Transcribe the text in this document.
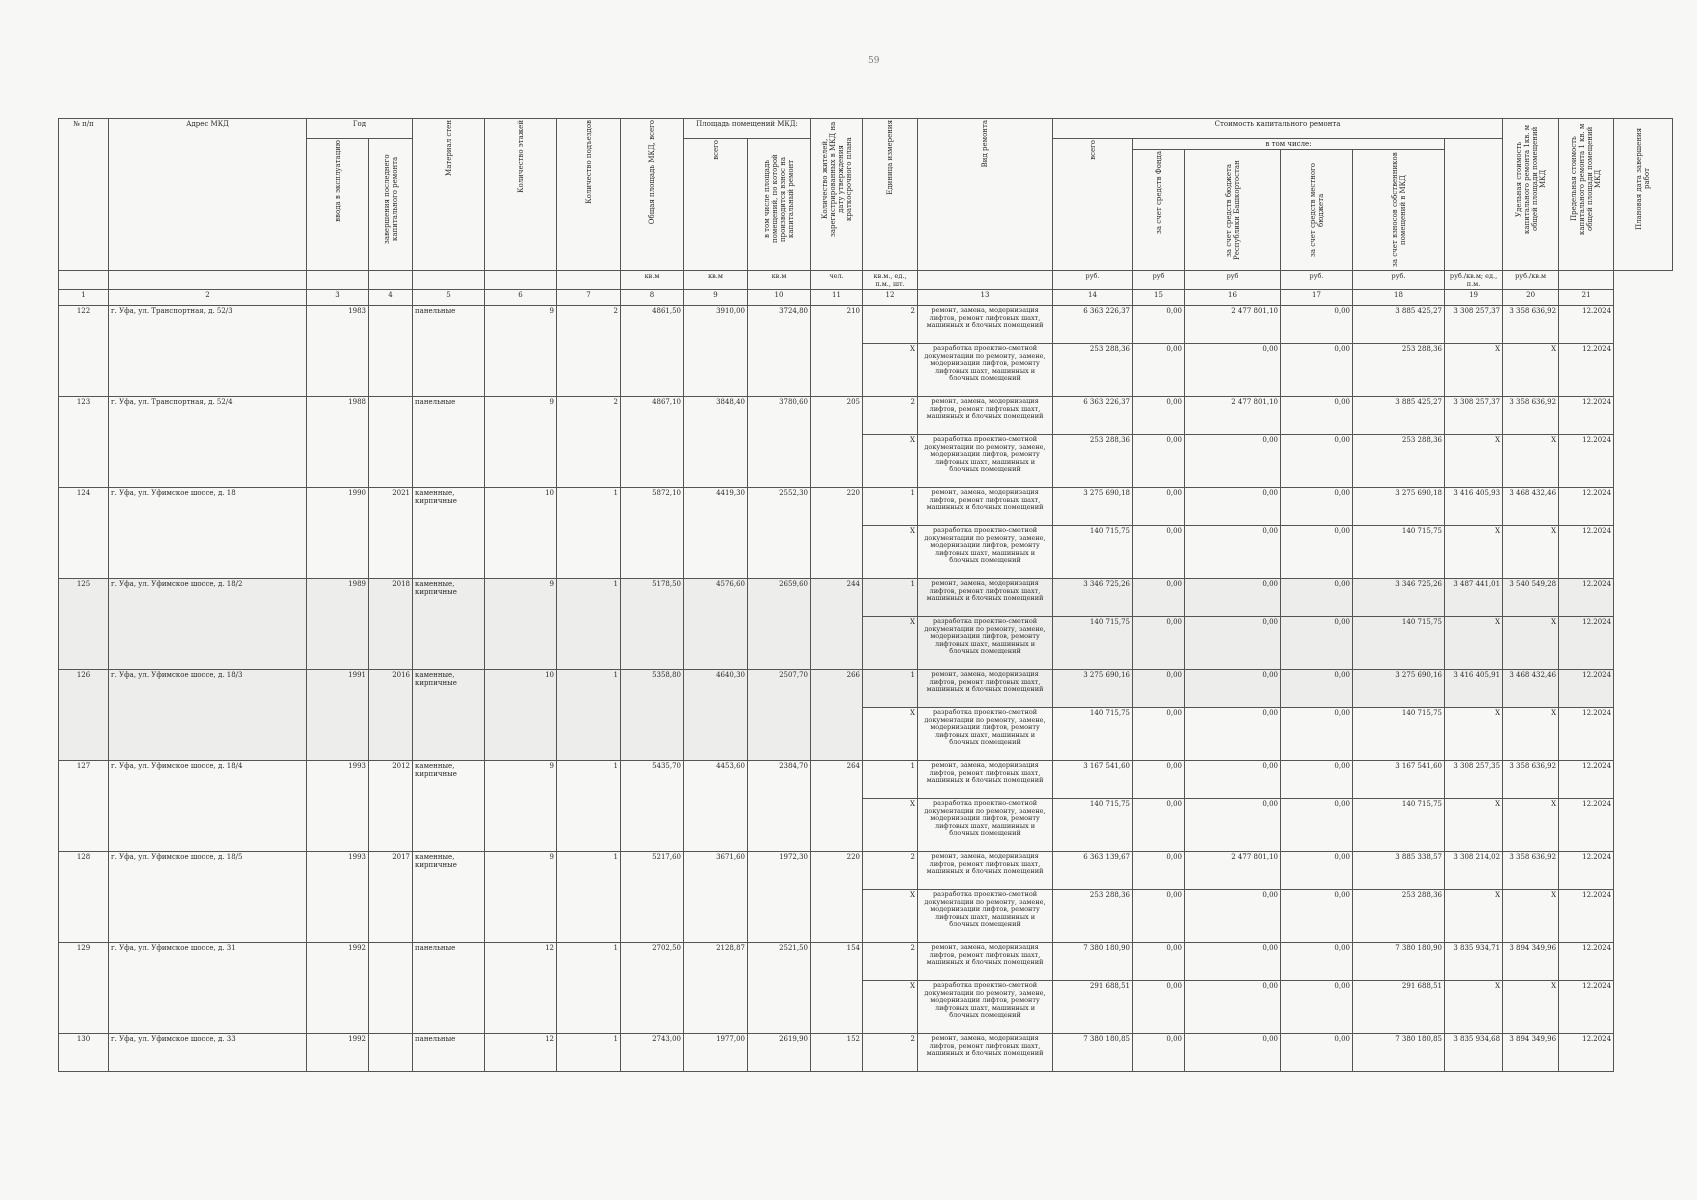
59
№ п/п	Адрес МКД	Год		Материал стен	Количество этажей	Количество подъездов	Общая площадь МКД, всего	Площадь помещений МКД:		Количество жителей, зарегистрированных в МКД на дату утверждения краткосрочного плана	Единица измерения	Вид ремонта	Стоимость капитального ремонта						Удельная стоимость капитального ремонта 1кв. м общей площади помещений МКД	Предельная стоимость капитального ремонта 1 кв. м общей площади помещений МКД	Плановая дата завершения работ

		ввода в эксплуатацию	завершения последнего капитального ремонта					всего	в том числе площадь помещений, по которой производится взнос на капитальный ремонт				всего	в том числе:							

														за счет средств Фонда	за счет средств бюджета Республики Башкортостан	за счет средств местного бюджета	за счет взносов собственников помещений в МКД				

							кв.м	кв.м	кв.м	чел.	кв.м., ед., п.м., шт.		руб.	руб	руб	руб.	руб.	руб./кв.м; ед., п.м.	руб./кв.м		
1	2	3	4	5	6	7	8	9	10	11	12	13	14	15	16	17	18	19	20	21	
122	г. Уфа, ул. Транспортная, д. 52/3	1983		панельные	9	2	4861,50	3910,00	3724,80	210	2	ремонт, замена, модернизация лифтов, ремонт лифтовых шахт, машинных и блочных помещений	6 363 226,37	0,00	2 477 801,10	0,00	3 885 425,27	3 308 257,37	3 358 636,92	12.2024	
											X	разработка проектно-сметной документации по ремонту, замене, модернизации лифтов, ремонту лифтовых шахт, машинных и блочных помещений	253 288,36	0,00	0,00	0,00	253 288,36	X	X	12.2024	
123	г. Уфа, ул. Транспортная, д. 52/4	1988		панельные	9	2	4867,10	3848,40	3780,60	205	2	ремонт, замена, модернизация лифтов, ремонт лифтовых шахт, машинных и блочных помещений	6 363 226,37	0,00	2 477 801,10	0,00	3 885 425,27	3 308 257,37	3 358 636,92	12.2024	
											X	разработка проектно-сметной документации по ремонту, замене, модернизации лифтов, ремонту лифтовых шахт, машинных и блочных помещений	253 288,36	0,00	0,00	0,00	253 288,36	X	X	12.2024	
124	г. Уфа, ул. Уфимское шоссе, д. 18	1990	2021	каменные, кирпичные	10	1	5872,10	4419,30	2552,30	220	1	ремонт, замена, модернизация лифтов, ремонт лифтовых шахт, машинных и блочных помещений	3 275 690,18	0,00	0,00	0,00	3 275 690,18	3 416 405,93	3 468 432,46	12.2024	
											X	разработка проектно-сметной документации по ремонту, замене, модернизации лифтов, ремонту лифтовых шахт, машинных и блочных помещений	140 715,75	0,00	0,00	0,00	140 715,75	X	X	12.2024	
125	г. Уфа, ул. Уфимское шоссе, д. 18/2	1989	2018	каменные, кирпичные	9	1	5178,50	4576,60	2659,60	244	1	ремонт, замена, модернизация лифтов, ремонт лифтовых шахт, машинных и блочных помещений	3 346 725,26	0,00	0,00	0,00	3 346 725,26	3 487 441,01	3 540 549,28	12.2024	
											X	разработка проектно-сметной документации по ремонту, замене, модернизации лифтов, ремонту лифтовых шахт, машинных и блочных помещений	140 715,75	0,00	0,00	0,00	140 715,75	X	X	12.2024	
126	г. Уфа, ул. Уфимское шоссе, д. 18/3	1991	2016	каменные, кирпичные	10	1	5358,80	4640,30	2507,70	266	1	ремонт, замена, модернизация лифтов, ремонт лифтовых шахт, машинных и блочных помещений	3 275 690,16	0,00	0,00	0,00	3 275 690,16	3 416 405,91	3 468 432,46	12.2024	
											X	разработка проектно-сметной документации по ремонту, замене, модернизации лифтов, ремонту лифтовых шахт, машинных и блочных помещений	140 715,75	0,00	0,00	0,00	140 715,75	X	X	12.2024	
127	г. Уфа, ул. Уфимское шоссе, д. 18/4	1993	2012	каменные, кирпичные	9	1	5435,70	4453,60	2384,70	264	1	ремонт, замена, модернизация лифтов, ремонт лифтовых шахт, машинных и блочных помещений	3 167 541,60	0,00	0,00	0,00	3 167 541,60	3 308 257,35	3 358 636,92	12.2024	
											X	разработка проектно-сметной документации по ремонту, замене, модернизации лифтов, ремонту лифтовых шахт, машинных и блочных помещений	140 715,75	0,00	0,00	0,00	140 715,75	X	X	12.2024	
128	г. Уфа, ул. Уфимское шоссе, д. 18/5	1993	2017	каменные, кирпичные	9	1	5217,60	3671,60	1972,30	220	2	ремонт, замена, модернизация лифтов, ремонт лифтовых шахт, машинных и блочных помещений	6 363 139,67	0,00	2 477 801,10	0,00	3 885 338,57	3 308 214,02	3 358 636,92	12.2024	
											X	разработка проектно-сметной документации по ремонту, замене, модернизации лифтов, ремонту лифтовых шахт, машинных и блочных помещений	253 288,36	0,00	0,00	0,00	253 288,36	X	X	12.2024	
129	г. Уфа, ул. Уфимское шоссе, д. 31	1992		панельные	12	1	2702,50	2128,87	2521,50	154	2	ремонт, замена, модернизация лифтов, ремонт лифтовых шахт, машинных и блочных помещений	7 380 180,90	0,00	0,00	0,00	7 380 180,90	3 835 934,71	3 894 349,96	12.2024	
											X	разработка проектно-сметной документации по ремонту, замене, модернизации лифтов, ремонту лифтовых шахт, машинных и блочных помещений	291 688,51	0,00	0,00	0,00	291 688,51	X	X	12.2024	
130	г. Уфа, ул. Уфимское шоссе, д. 33	1992		панельные	12	1	2743,00	1977,00	2619,90	152	2	ремонт, замена, модернизация лифтов, ремонт лифтовых шахт, машинных и блочных помещений	7 380 180,85	0,00	0,00	0,00	7 380 180,85	3 835 934,68	3 894 349,96	12.2024	
